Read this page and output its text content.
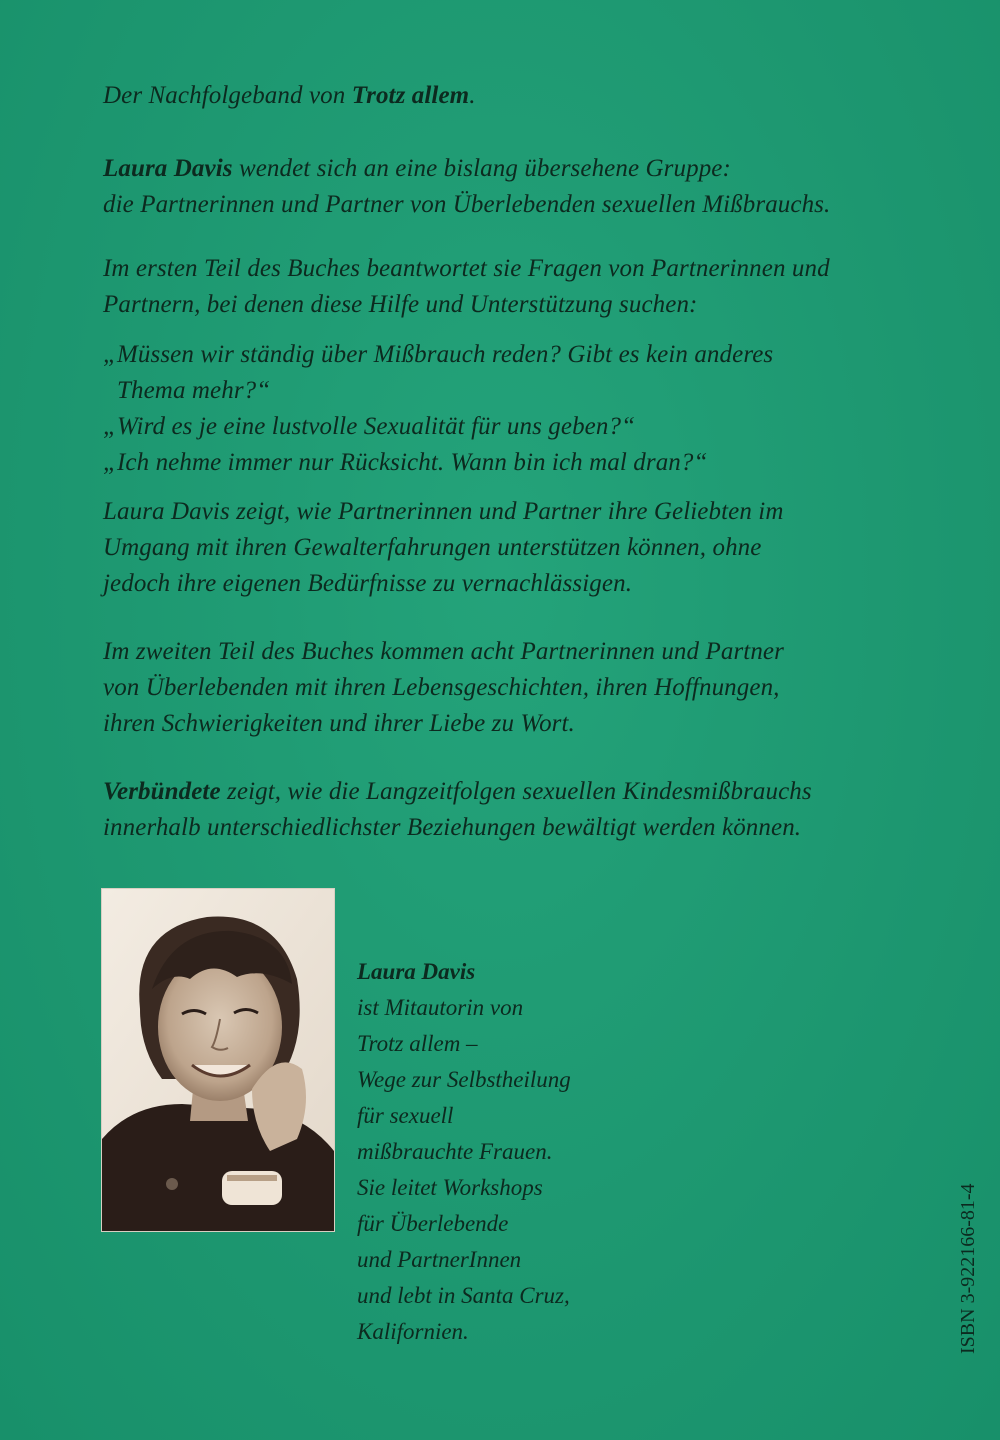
Der Nachfolgeband von Trotz allem.

Laura Davis wendet sich an eine bislang übersehene Gruppe:

die Partnerinnen und Partner von Überlebenden sexuellen Mißbrauchs.

Im ersten Teil des Buches beantwortet sie Fragen von Partnerinnen und

Partnern, bei denen diese Hilfe und Unterstützung suchen:

„Müssen wir ständig über Mißbrauch reden? Gibt es kein anderes

Thema mehr?“

„Wird es je eine lustvolle Sexualität für uns geben?“

„Ich nehme immer nur Rücksicht. Wann bin ich mal dran?“

Laura Davis zeigt, wie Partnerinnen und Partner ihre Geliebten im

Umgang mit ihren Gewalterfahrungen unterstützen können, ohne

jedoch ihre eigenen Bedürfnisse zu vernachlässigen.

Im zweiten Teil des Buches kommen acht Partnerinnen und Partner

von Überlebenden mit ihren Lebensgeschichten, ihren Hoffnungen,

ihren Schwierigkeiten und ihrer Liebe zu Wort.

Verbündete zeigt, wie die Langzeitfolgen sexuellen Kindesmißbrauchs

innerhalb unterschiedlichster Beziehungen bewältigt werden können.

Laura Davis

ist Mitautorin von

Trotz allem –

Wege zur Selbstheilung

für sexuell

mißbrauchte Frauen.

Sie leitet Workshops

für Überlebende

und PartnerInnen

und lebt in Santa Cruz,

Kalifornien.	ISBN 3-922166-81-4
